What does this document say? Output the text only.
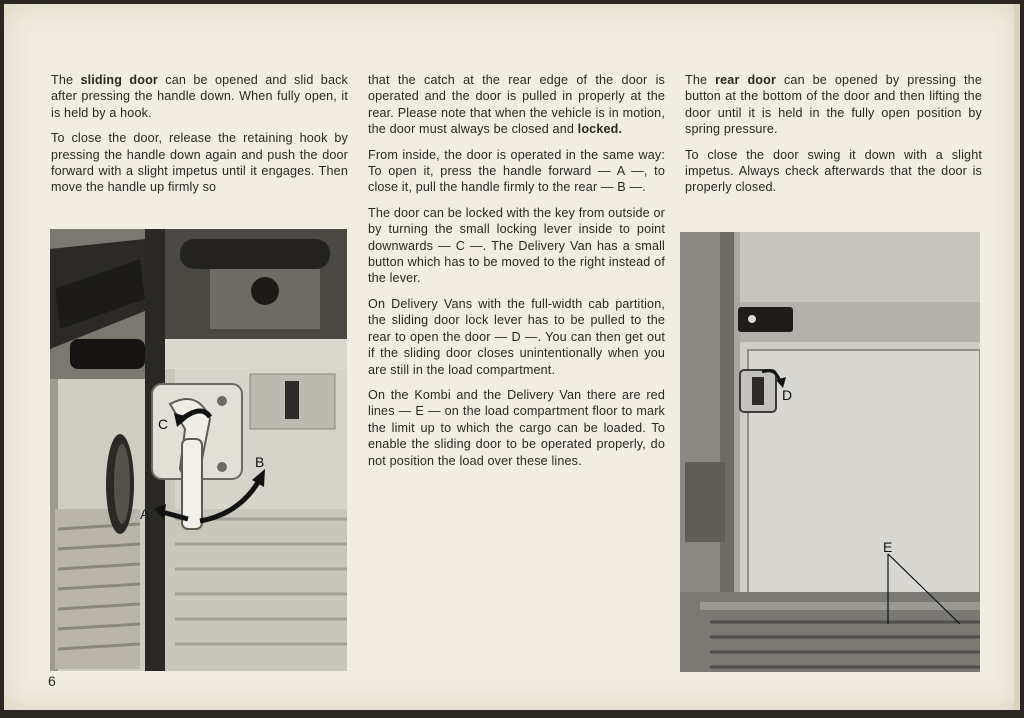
The sliding door can be opened and slid back after pressing the handle down. When fully open, it is held by a hook.

To close the door, release the retaining hook by pressing the handle down again and push the door forward with a slight impetus until it engages. Then move the handle up firmly so

that the catch at the rear edge of the door is operated and the door is pulled in properly at the rear. Please note that when the vehicle is in motion, the door must always be closed and locked.

From inside, the door is operated in the same way: To open it, press the handle forward — A —, to close it, pull the handle firmly to the rear — B —.

The door can be locked with the key from outside or by turning the small locking lever inside to point downwards — C —. The Delivery Van has a small button which has to be moved to the right instead of the lever.

On Delivery Vans with the full-width cab partition, the sliding door lock lever has to be pulled to the rear to open the door — D —. You can then get out if the sliding door closes unintentionally when you are still in the load compartment.

On the Kombi and the Delivery Van there are red lines — E — on the load compartment floor to mark the limit up to which the cargo can be loaded. To enable the sliding door to be operated properly, do not position the load over these lines.

The rear door can be opened by pressing the button at the bottom of the door and then lifting the door until it is held in the fully open position by spring pressure.

To close the door swing it down with a slight impetus. Always check afterwards that the door is properly closed.

C
B
A
D
E
6
